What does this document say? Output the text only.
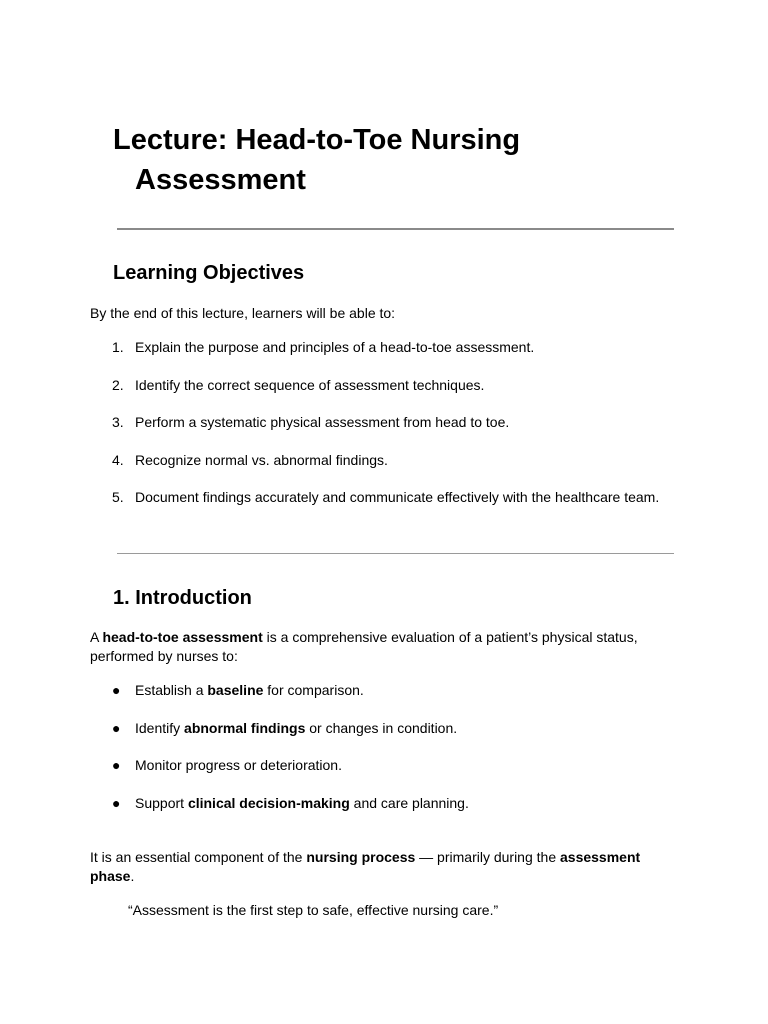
Lecture: Head-to-Toe Nursing
Assessment
Learning Objectives

By the end of this lecture, learners will be able to:

1. Explain the purpose and principles of a head-to-toe assessment.
2. Identify the correct sequence of assessment techniques.
3. Perform a systematic physical assessment from head to toe.
4. Recognize normal vs. abnormal findings.
5. Document findings accurately and communicate effectively with the healthcare team.
1. Introduction

A head-to-toe assessment is a comprehensive evaluation of a patient’s physical status, performed by nurses to:

●	Establish a baseline for comparison.
●	Identify abnormal findings or changes in condition.
●	Monitor progress or deterioration.
●	Support clinical decision-making and care planning.

It is an essential component of the nursing process — primarily during the assessment phase.

“Assessment is the first step to safe, effective nursing care.”
